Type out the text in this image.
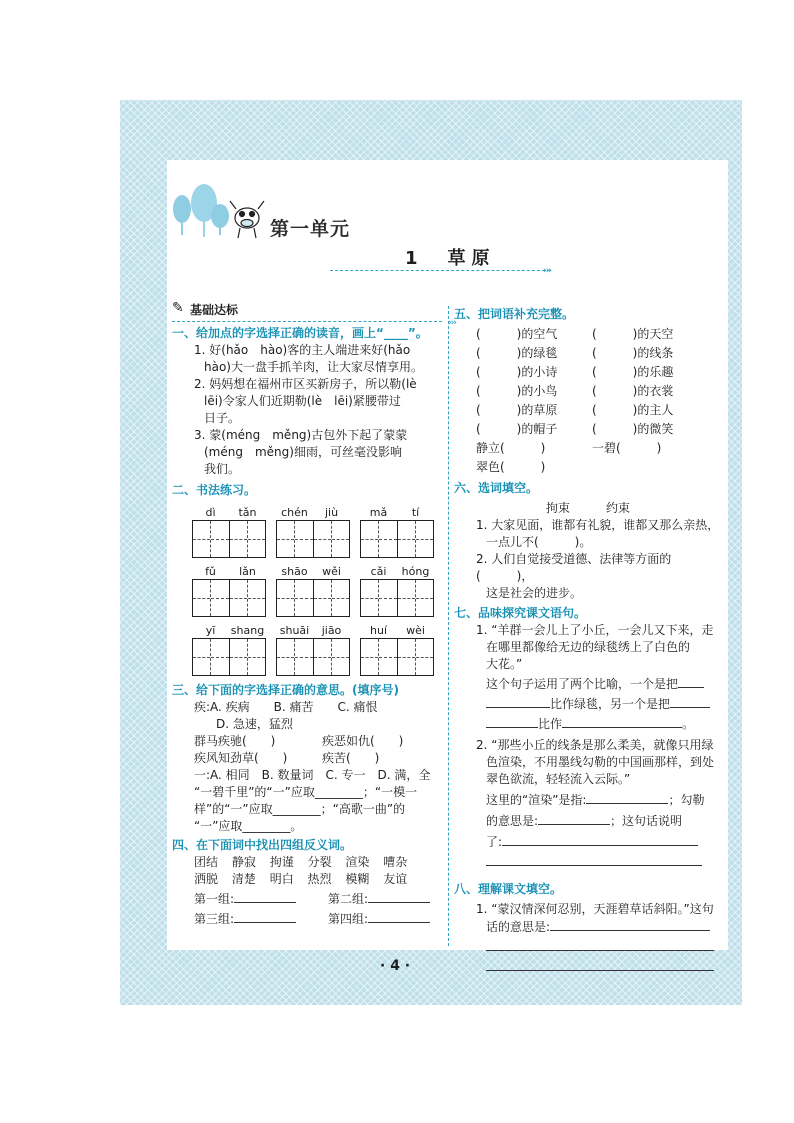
第一单元
1　草原
›››

✎ 基础达标

›››

一、给加点的字选择正确的读音，画上“____”。

1. 好(hǎo　hào)客的主人端进来好(hǎo

hào)大一盘手抓羊肉，让大家尽情享用。

2. 妈妈想在福州市区买新房子，所以勒(lè

lēi)令家人们近期勒(lè　lēi)紧腰带过

日子。

3. 蒙(méng　měng)古包外下起了蒙蒙

(méng　měng)细雨，可丝毫没影响

我们。

二、书法练习。

dì	tǎn	chén	jiù	mǎ	tí
fǔ	lǎn	shāo	wěi	cǎi	hóng
yī	shang	shuāi	jiāo	huí	wèi

三、给下面的字选择正确的意思。(填序号)

疾:A. 疾病　　B. 痛苦　　C. 痛恨

D. 急速，猛烈

群马疾驰(　　)	疾恶如仇(　　)

疾风知劲草(　　)	疾苦(　　)

一:A. 相同　B. 数量词　C. 专一　D. 满，全

“一碧千里”的“一”应取________；“一模一

样”的“一”应取________；“高歌一曲”的

“一”应取________。

四、在下面词中找出四组反义词。

团结 静寂 拘谨 分裂 渲染 嘈杂

洒脱 清楚 明白 热烈 模糊 友谊

第一组:	第二组:

第三组:	第四组:

五、把词语补充完整。

(　　　)的空气	(　　　)的天空

(　　　)的绿毯	(　　　)的线条

(　　　)的小诗	(　　　)的乐趣

(　　　)的小鸟	(　　　)的衣裳

(　　　)的草原	(　　　)的主人

(　　　)的帽子	(　　　)的微笑

静立(　　　)	一碧(　　　)

翠色(　　　)

六、选词填空。

拘束　　　约束

1. 大家见面，谁都有礼貌，谁都又那么亲热，

一点儿不(　　　)。

2. 人们自觉接受道德、法律等方面的(　　　)，

这是社会的进步。

七、品味探究课文语句。

1. “羊群一会儿上了小丘，一会儿又下来，走

在哪里都像给无边的绿毯绣上了白色的

大花。”

这个句子运用了两个比喻，一个是把

比作绿毯，另一个是把

比作	。

2. “那些小丘的线条是那么柔美，就像只用绿

色渲染，不用墨线勾勒的中国画那样，到处

翠色欲流，轻轻流入云际。”

这里的“渲染”是指:	；勾勒

的意思是:	；这句话说明

了:

八、理解课文填空。

1. “蒙汉情深何忍别，天涯碧草话斜阳。”这句

话的意思是:

· 4 ·
